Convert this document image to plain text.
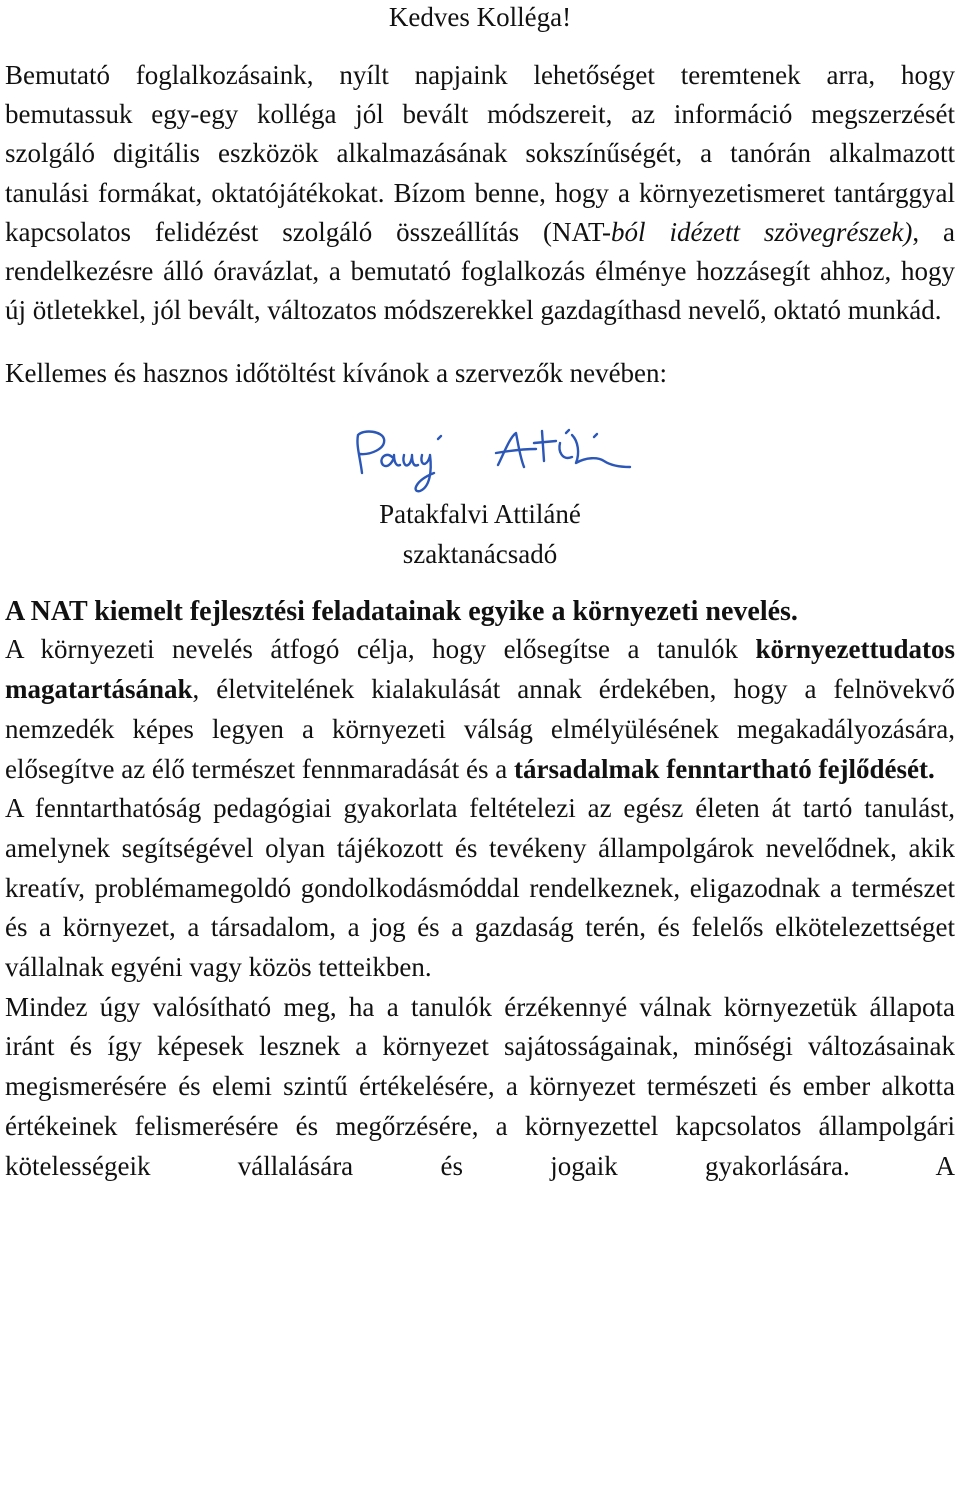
Kedves Kolléga!

Bemutató foglalkozásaink, nyílt napjaink lehetőséget teremtenek arra, hogy bemutassuk egy-egy kolléga jól bevált módszereit, az információ megszerzését szolgáló digitális eszközök alkalmazásának sokszínűségét, a tanórán alkalmazott tanulási formákat, oktatójátékokat. Bízom benne, hogy a környezetismeret tantárggyal kapcsolatos felidézést szolgáló összeállítás (NAT-ból idézett szövegrészek), a rendelkezésre álló óravázlat, a bemutató foglalkozás élménye hozzásegít ahhoz, hogy új ötletekkel, jól bevált, változatos módszerekkel gazdagíthasd nevelő, oktató munkád.

Kellemes és hasznos időtöltést kívánok a szervezők nevében:

Patakfalvi Attiláné

szaktanácsadó

A NAT kiemelt fejlesztési feladatainak egyike a környezeti nevelés.

A környezeti nevelés átfogó célja, hogy elősegítse a tanulók környezettudatos magatartásának, életvitelének kialakulását annak érdekében, hogy a felnövekvő nemzedék képes legyen a környezeti válság elmélyülésének megakadályozására, elősegítve az élő természet fennmaradását és a társadalmak fenntartható fejlődését.

A fenntarthatóság pedagógiai gyakorlata feltételezi az egész életen át tartó tanulást, amelynek segítségével olyan tájékozott és tevékeny állampolgárok nevelődnek, akik kreatív, problémamegoldó gondolkodásmóddal rendelkeznek, eligazodnak a természet és a környezet, a társadalom, a jog és a gazdaság terén, és felelős elkötelezettséget vállalnak egyéni vagy közös tetteikben.

Mindez úgy valósítható meg, ha a tanulók érzékennyé válnak környezetük állapota iránt és így képesek lesznek a környezet sajátosságainak, minőségi változásainak megismerésére és elemi szintű értékelésére, a környezet természeti és ember alkotta értékeinek felismerésére és megőrzésére, a környezettel kapcsolatos állampolgári kötelességeik vállalására és jogaik gyakorlására. A
